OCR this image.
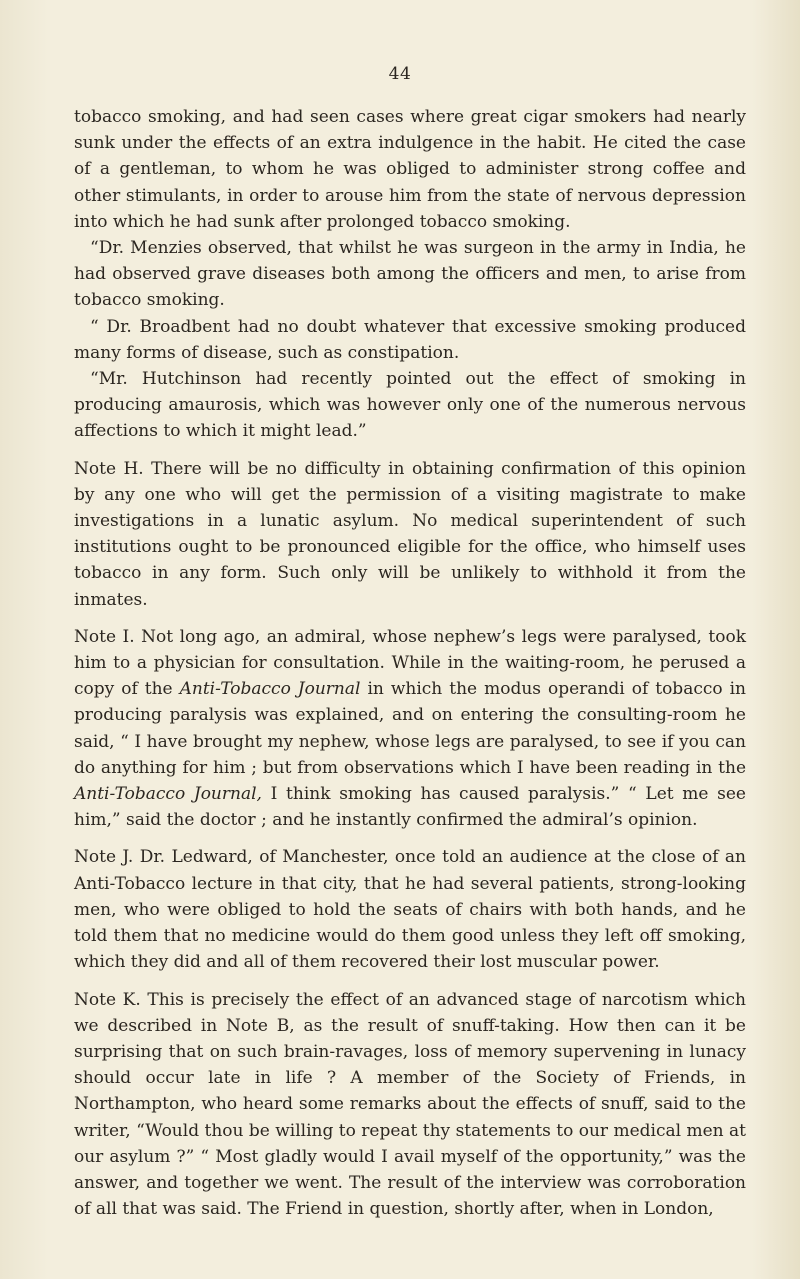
44

tobacco smoking, and had seen cases where great cigar smokers had nearly sunk under the effects of an extra indulgence in the habit. He cited the case of a gentleman, to whom he was obliged to administer strong coffee and other stimulants, in order to arouse him from the state of nervous depression into which he had sunk after prolonged tobacco smoking.

“Dr. Menzies observed, that whilst he was surgeon in the army in India, he had observed grave diseases both among the officers and men, to arise from tobacco smoking.

“ Dr. Broadbent had no doubt whatever that excessive smoking produced many forms of disease, such as constipation.

“Mr. Hutchinson had recently pointed out the effect of smoking in producing amaurosis, which was however only one of the numerous nervous affections to which it might lead.”

Note H. There will be no difficulty in obtaining confirmation of this opinion by any one who will get the permission of a visiting magistrate to make investigations in a lunatic asylum. No medical superintendent of such institutions ought to be pronounced eligible for the office, who himself uses tobacco in any form. Such only will be unlikely to withhold it from the inmates.

Note I. Not long ago, an admiral, whose nephew’s legs were paralysed, took him to a physician for consultation. While in the waiting-room, he perused a copy of the Anti-Tobacco Journal in which the modus operandi of tobacco in producing paralysis was explained, and on entering the consulting-room he said, “ I have brought my nephew, whose legs are paralysed, to see if you can do anything for him ; but from observations which I have been reading in the Anti-Tobacco Journal, I think smoking has caused paralysis.” “ Let me see him,” said the doctor ; and he instantly confirmed the admiral’s opinion.

Note J. Dr. Ledward, of Manchester, once told an audience at the close of an Anti-Tobacco lecture in that city, that he had several patients, strong-looking men, who were obliged to hold the seats of chairs with both hands, and he told them that no medicine would do them good unless they left off smoking, which they did and all of them recovered their lost muscular power.

Note K. This is precisely the effect of an advanced stage of narcotism which we described in Note B, as the result of snuff-taking. How then can it be surprising that on such brain-ravages, loss of memory supervening in lunacy should occur late in life ? A member of the Society of Friends, in Northampton, who heard some remarks about the effects of snuff, said to the writer, “Would thou be willing to repeat thy statements to our medical men at our asylum ?” “ Most gladly would I avail myself of the opportunity,” was the answer, and together we went. The result of the interview was corroboration of all that was said. The Friend in question, shortly after, when in London,
